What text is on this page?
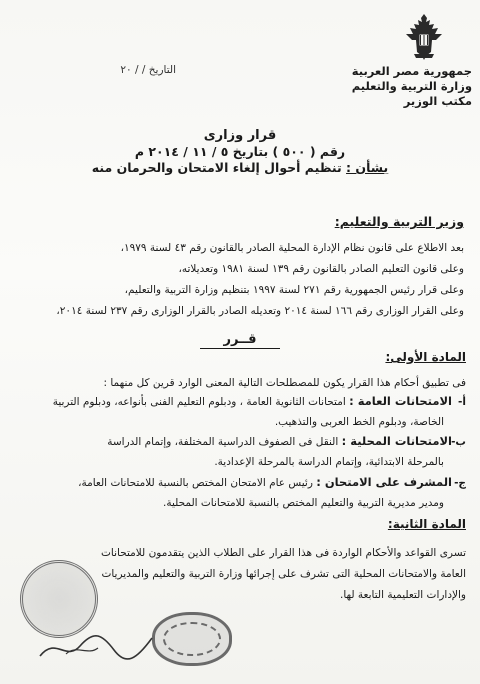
جمهورية مصر العربية
وزارة التربية والتعليم
مكتب الوزير
التاريخ / / ٢٠
قرار وزارى
رقم ( ٥٠٠ ) بتاريخ ٥ / ١١ / ٢٠١٤ م
بشأن : تنظيم أحوال إلغاء الامتحان والحرمان منه
وزير التربية والتعليم:
بعد الاطلاع على قانون نظام الإدارة المحلية الصادر بالقانون رقم ٤٣ لسنة ١٩٧٩،
وعلى قانون التعليم الصادر بالقانون رقم ١٣٩ لسنة ١٩٨١ وتعديلاته،
وعلى قرار رئيس الجمهورية رقم ٢٧١ لسنة ١٩٩٧ بتنظيم وزارة التربية والتعليم،
وعلى القرار الوزارى رقم ١٦٦ لسنة ٢٠١٤ وتعديله الصادر بالقرار الوزارى رقم ٢٣٧ لسنة ٢٠١٤،
قــرر
المادة الأولى:
فى تطبيق أحكام هذا القرار يكون للمصطلحات التالية المعنى الوارد قرين كل منهما :
أ-الامتحانات العامة : امتحانات الثانوية العامة ، ودبلوم التعليم الفنى بأنواعه، ودبلوم التربية
الخاصة، ودبلوم الخط العربى والتذهيب.
ب-الامتحانات المحلية : النقل فى الصفوف الدراسية المختلفة، وإتمام الدراسة
بالمرحلة الابتدائية، وإتمام الدراسة بالمرحلة الإعدادية.
ج-المشرف على الامتحان : رئيس عام الامتحان المختص بالنسبة للامتحانات العامة،
ومدير مديرية التربية والتعليم المختص بالنسبة للامتحانات المحلية.
المادة الثانية:
تسرى القواعد والأحكام الواردة فى هذا القرار على الطلاب الذين يتقدمون للامتحانات
العامة والامتحانات المحلية التى تشرف على إجرائها وزارة التربية والتعليم والمديريات
والإدارات التعليمية التابعة لها.
